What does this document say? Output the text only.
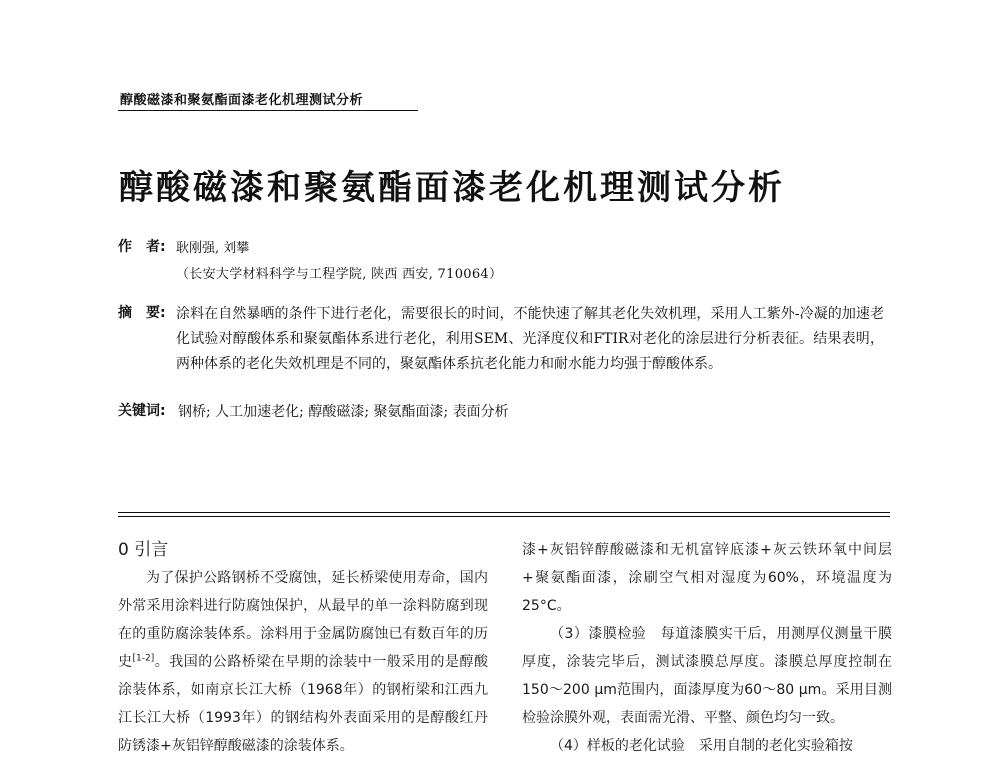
醇酸磁漆和聚氨酯面漆老化机理测试分析
醇酸磁漆和聚氨酯面漆老化机理测试分析
作　者: 耿刚强, 刘攀
（长安大学材料科学与工程学院, 陕西 西安, 710064）
摘　要: 涂料在自然暴晒的条件下进行老化，需要很长的时间，不能快速了解其老化失效机理，采用人工紫外-冷凝的加速老化试验对醇酸体系和聚氨酯体系进行老化，利用SEM、光泽度仪和FTIR对老化的涂层进行分析表征。结果表明，两种体系的老化失效机理是不同的，聚氨酯体系抗老化能力和耐水能力均强于醇酸体系。

关键词: 钢桥; 人工加速老化; 醇酸磁漆; 聚氨酯面漆; 表面分析
0 引言

为了保护公路钢桥不受腐蚀，延长桥梁使用寿命，国内外常采用涂料进行防腐蚀保护，从最早的单一涂料防腐到现在的重防腐涂装体系。涂料用于金属防腐蚀已有数百年的历史[1-2]。我国的公路桥梁在早期的涂装中一般采用的是醇酸涂装体系，如南京长江大桥（1968年）的钢桁梁和江西九江长江大桥（1993年）的钢结构外表面采用的是醇酸红丹防锈漆+灰铝锌醇酸磁漆的涂装体系。

漆+灰铝锌醇酸磁漆和无机富锌底漆+灰云铁环氧中间层+聚氨酯面漆，涂刷空气相对湿度为60%，环境温度为25°C。

（3）漆膜检验　每道漆膜实干后，用测厚仪测量干膜厚度，涂装完毕后，测试漆膜总厚度。漆膜总厚度控制在150～200 μm范围内，面漆厚度为60～80 μm。采用目测检验涂膜外观，表面需光滑、平整、颜色均匀一致。

（4）样板的老化试验　采用自制的老化实验箱按
